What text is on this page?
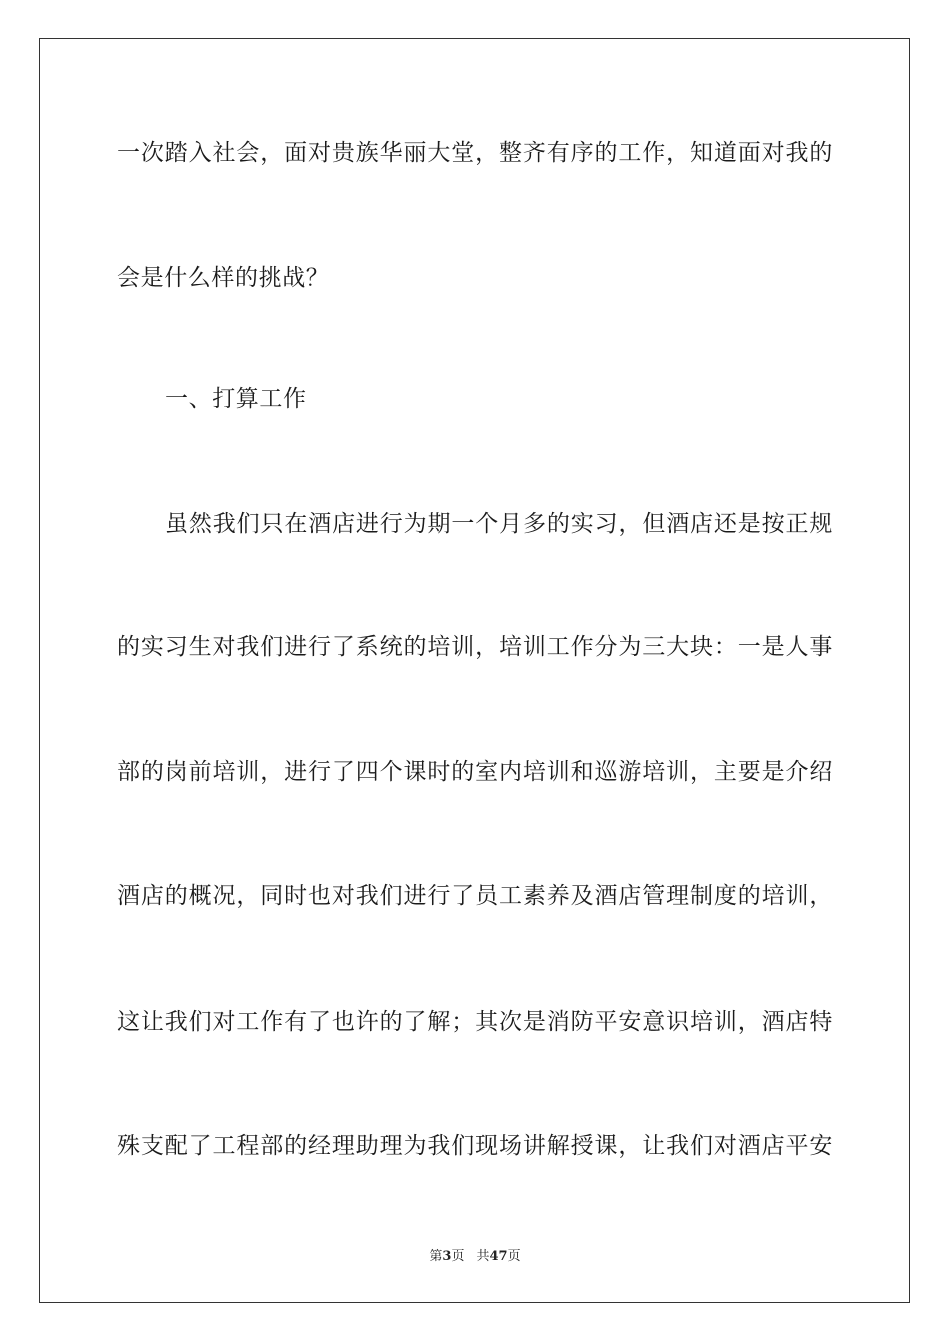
一次踏入社会，面对贵族华丽大堂，整齐有序的工作，知道面对我的
会是什么样的挑战？
一、打算工作
虽然我们只在酒店进行为期一个月多的实习，但酒店还是按正规
的实习生对我们进行了系统的培训，培训工作分为三大块：一是人事
部的岗前培训，进行了四个课时的室内培训和巡游培训，主要是介绍
酒店的概况，同时也对我们进行了员工素养及酒店管理制度的培训，
这让我们对工作有了也许的了解；其次是消防平安意识培训，酒店特
殊支配了工程部的经理助理为我们现场讲解授课，让我们对酒店平安
第3页 共47页
